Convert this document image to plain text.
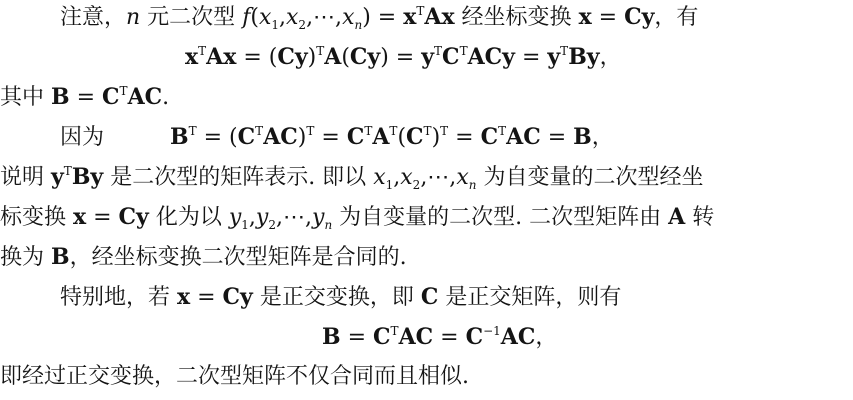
注意，n 元二次型 $f(x_1,x_2,\cdots,x_n) = x^TAx$ 经坐标变换 x = Cy，有
$x^TAx = (Cy)^TA(Cy) = y^TC^TACy = y^TBy$，
其中 $B = C^TAC$.
因为　　　$B^T = (C^TAC)^T = C^TA^T(C^T)^T = C^TAC = B$，
说明 $y^TBy$ 是二次型的矩阵表示. 即以 $x_1,x_2,\cdots,x_n$ 为自变量的二次型经坐
标变换 x = Cy 化为以 $y_1,y_2,\cdots,y_n$ 为自变量的二次型. 二次型矩阵由 A 转
换为 B，经坐标变换二次型矩阵是合同的.
特别地，若 x = Cy 是正交变换，即 C 是正交矩阵，则有
$B = C^TAC = C^{-1}AC$，
即经过正交变换，二次型矩阵不仅合同而且相似.
